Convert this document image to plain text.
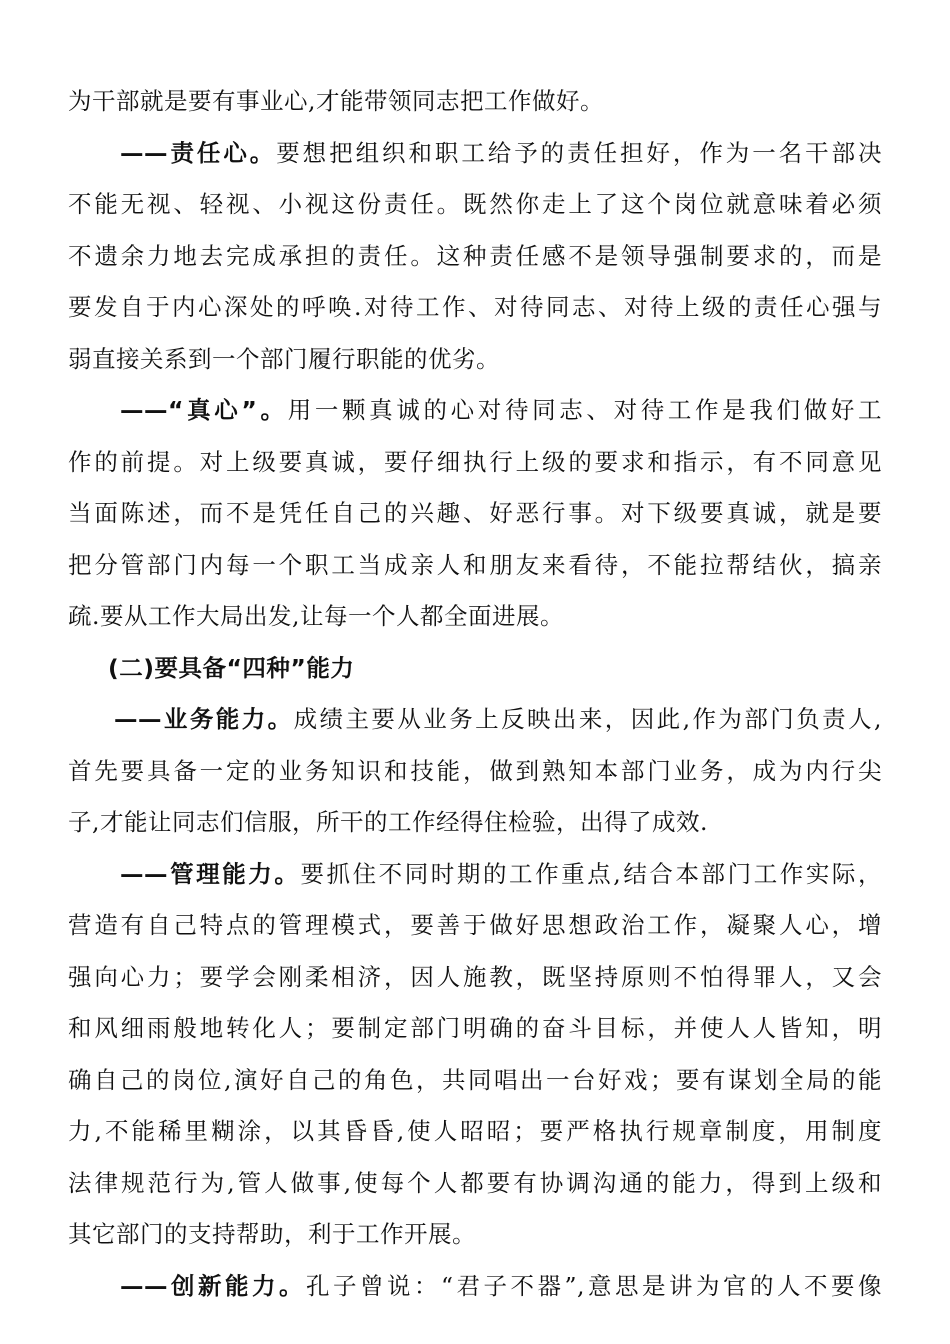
为干部就是要有事业心,才能带领同志把工作做好。
——责任心。要想把组织和职工给予的责任担好，作为一名干部决
不能无视、轻视、小视这份责任。既然你走上了这个岗位就意味着必须
不遗余力地去完成承担的责任。这种责任感不是领导强制要求的，而是
要发自于内心深处的呼唤.对待工作、对待同志、对待上级的责任心强与
弱直接关系到一个部门履行职能的优劣。
——“真心”。用一颗真诚的心对待同志、对待工作是我们做好工
作的前提。对上级要真诚，要仔细执行上级的要求和指示，有不同意见
当面陈述，而不是凭任自己的兴趣、好恶行事。对下级要真诚，就是要
把分管部门内每一个职工当成亲人和朋友来看待，不能拉帮结伙，搞亲
疏.要从工作大局出发,让每一个人都全面进展。
(二)要具备“四种”能力
——业务能力。成绩主要从业务上反映出来，因此,作为部门负责人,
首先要具备一定的业务知识和技能，做到熟知本部门业务，成为内行尖
子,才能让同志们信服，所干的工作经得住检验，出得了成效.
——管理能力。要抓住不同时期的工作重点,结合本部门工作实际，
营造有自己特点的管理模式，要善于做好思想政治工作，凝聚人心，增
强向心力；要学会刚柔相济，因人施教，既坚持原则不怕得罪人，又会
和风细雨般地转化人；要制定部门明确的奋斗目标，并使人人皆知，明
确自己的岗位,演好自己的角色，共同唱出一台好戏；要有谋划全局的能
力,不能稀里糊涂，以其昏昏,使人昭昭；要严格执行规章制度，用制度
法律规范行为,管人做事,使每个人都要有协调沟通的能力，得到上级和
其它部门的支持帮助，利于工作开展。
——创新能力。孔子曾说：“君子不器”,意思是讲为官的人不要像
